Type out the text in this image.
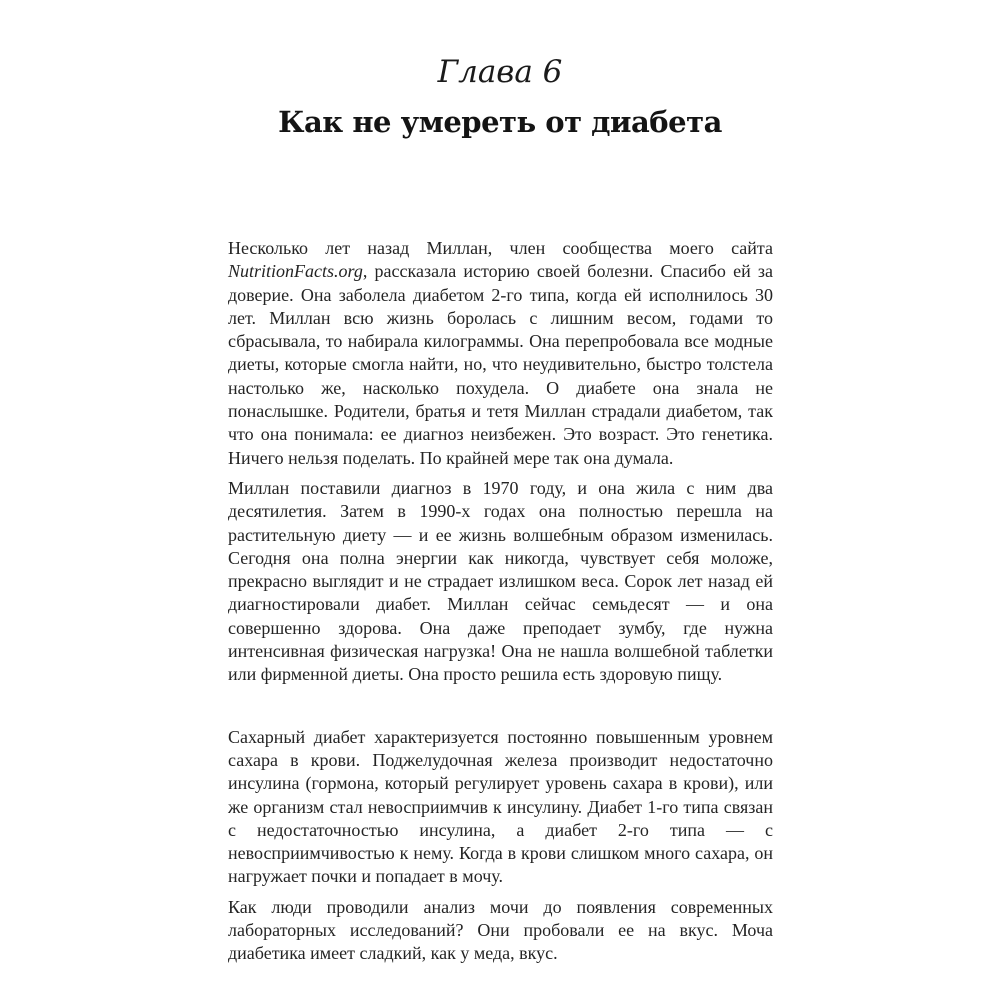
Глава 6
Как не умереть от диабета

Несколько лет назад Миллан, член сообщества моего сайта NutritionFacts.org, рассказала историю своей болезни. Спасибо ей за доверие. Она заболела диабетом 2-го типа, когда ей исполнилось 30 лет. Миллан всю жизнь боролась с лишним весом, годами то сбрасывала, то набирала килограммы. Она перепробовала все модные диеты, которые смогла найти, но, что неудивительно, быстро толстела настолько же, насколько похудела. О диабете она знала не понаслышке. Родители, братья и тетя Миллан страдали диабетом, так что она понимала: ее диагноз неизбежен. Это возраст. Это генетика. Ничего нельзя поделать. По крайней мере так она думала.

Миллан поставили диагноз в 1970 году, и она жила с ним два десятилетия. Затем в 1990-х годах она полностью перешла на растительную диету — и ее жизнь волшебным образом изменилась. Сегодня она полна энергии как никогда, чувствует себя моложе, прекрасно выглядит и не страдает излишком веса. Сорок лет назад ей диагностировали диабет. Миллан сейчас семьдесят — и она совершенно здорова. Она даже преподает зумбу, где нужна интенсивная физическая нагрузка! Она не нашла волшебной таблетки или фирменной диеты. Она просто решила есть здоровую пищу.

Сахарный диабет характеризуется постоянно повышенным уровнем сахара в крови. Поджелудочная железа производит недостаточно инсулина (гормона, который регулирует уровень сахара в крови), или же организм стал невосприимчив к инсулину. Диабет 1-го типа связан с недостаточностью инсулина, а диабет 2-го типа — с невосприимчивостью к нему. Когда в крови слишком много сахара, он нагружает почки и попадает в мочу.

Как люди проводили анализ мочи до появления современных лабораторных исследований? Они пробовали ее на вкус. Моча диабетика имеет сладкий, как у меда, вкус.
